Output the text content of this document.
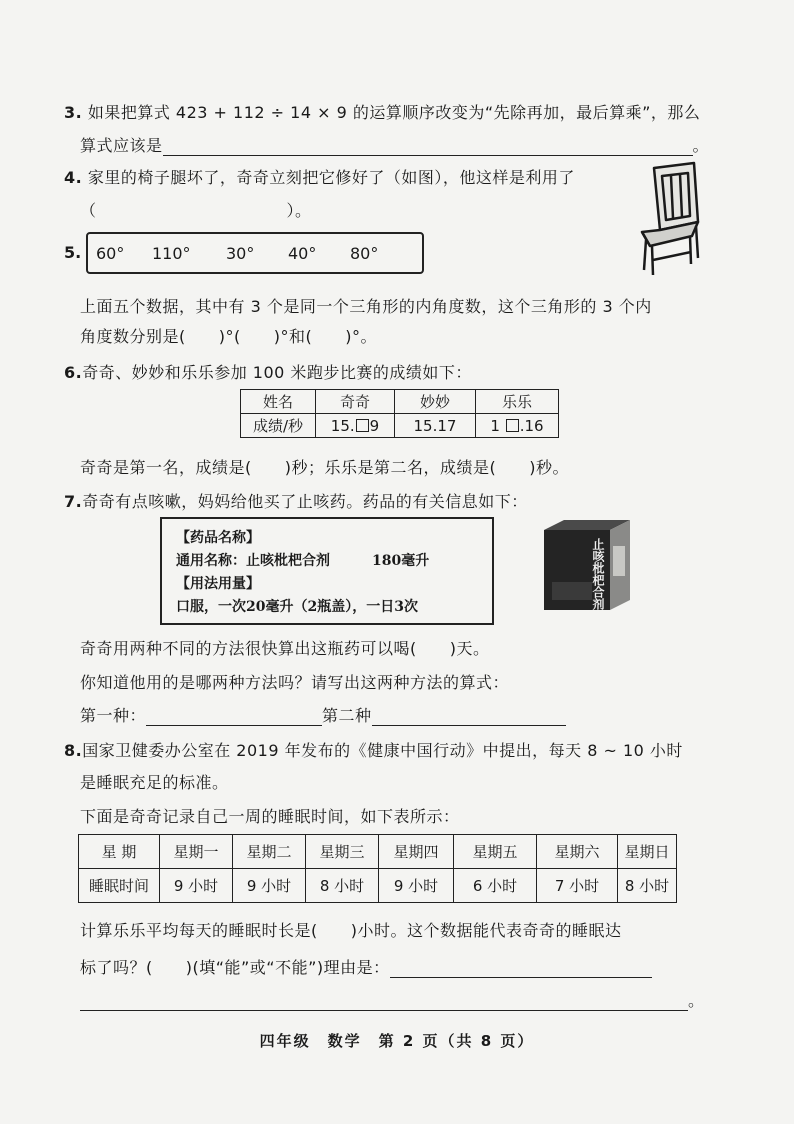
3. 如果把算式 423 + 112 ÷ 14 × 9 的运算顺序改变为“先除再加，最后算乘”，那么
算式应该是	。
4. 家里的椅子腿坏了，奇奇立刻把它修好了（如图），他这样是利用了
（	）。
5. 60°	110°	30°	40°	80°
上面五个数据，其中有 3 个是同一个三角形的内角度数，这个三角形的 3 个内
角度数分别是(　　)°(　　)°和(　　)°。
6.奇奇、妙妙和乐乐参加 100 米跑步比赛的成绩如下：
姓名	奇奇	妙妙	乐乐
成绩/秒	15. 9	15.17	1 .16
奇奇是第一名，成绩是(　　)秒；乐乐是第二名，成绩是(　　)秒。
7.奇奇有点咳嗽，妈妈给他买了止咳药。药品的有关信息如下：
【药品名称】
通用名称：止咳枇杷合剂　　　180毫升
【用法用量】
口服，一次20毫升（2瓶盖），一日3次	止咳枇杷合剂
奇奇用两种不同的方法很快算出这瓶药可以喝(　　)天。
你知道他用的是哪两种方法吗？请写出这两种方法的算式：
第一种：	第二种
8.国家卫健委办公室在 2019 年发布的《健康中国行动》中提出，每天 8 ~ 10 小时
是睡眠充足的标准。
下面是奇奇记录自己一周的睡眠时间，如下表所示：
星 期	星期一	星期二	星期三	星期四	星期五	星期六	星期日
睡眠时间	9 小时	9 小时	8 小时	9 小时	6 小时	7 小时	8 小时
计算乐乐平均每天的睡眠时长是(　　)小时。这个数据能代表奇奇的睡眠达
标了吗？(　　)(填“能”或“不能”)理由是：
。
四年级　数学　第 2 页（共 8 页）
